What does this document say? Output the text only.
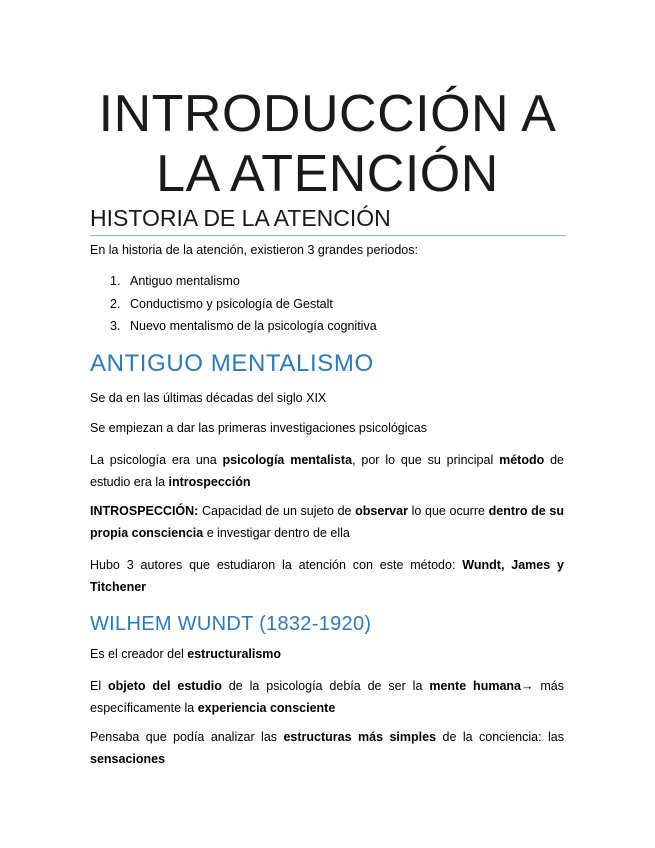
INTRODUCCIÓN A
LA ATENCIÓN
HISTORIA DE LA ATENCIÓN

En la historia de la atención, existieron 3 grandes periodos:

1. Antiguo mentalismo
2. Conductismo y psicología de Gestalt
3. Nuevo mentalismo de la psicología cognitiva
ANTIGUO MENTALISMO

Se da en las últimas décadas del siglo XIX

Se empiezan a dar las primeras investigaciones psicológicas

La psicología era una psicología mentalista, por lo que su principal método de estudio era la introspección

INTROSPECCIÓN: Capacidad de un sujeto de observar lo que ocurre dentro de su propia consciencia e investigar dentro de ella

Hubo 3 autores que estudiaron la atención con este método: Wundt, James y Titchener

WILHEM WUNDT (1832-1920)

Es el creador del estructuralismo

El objeto del estudio de la psicología debía de ser la mente humana→ más específicamente la experiencia consciente

Pensaba que podía analizar las estructuras más simples de la conciencia: las sensaciones
